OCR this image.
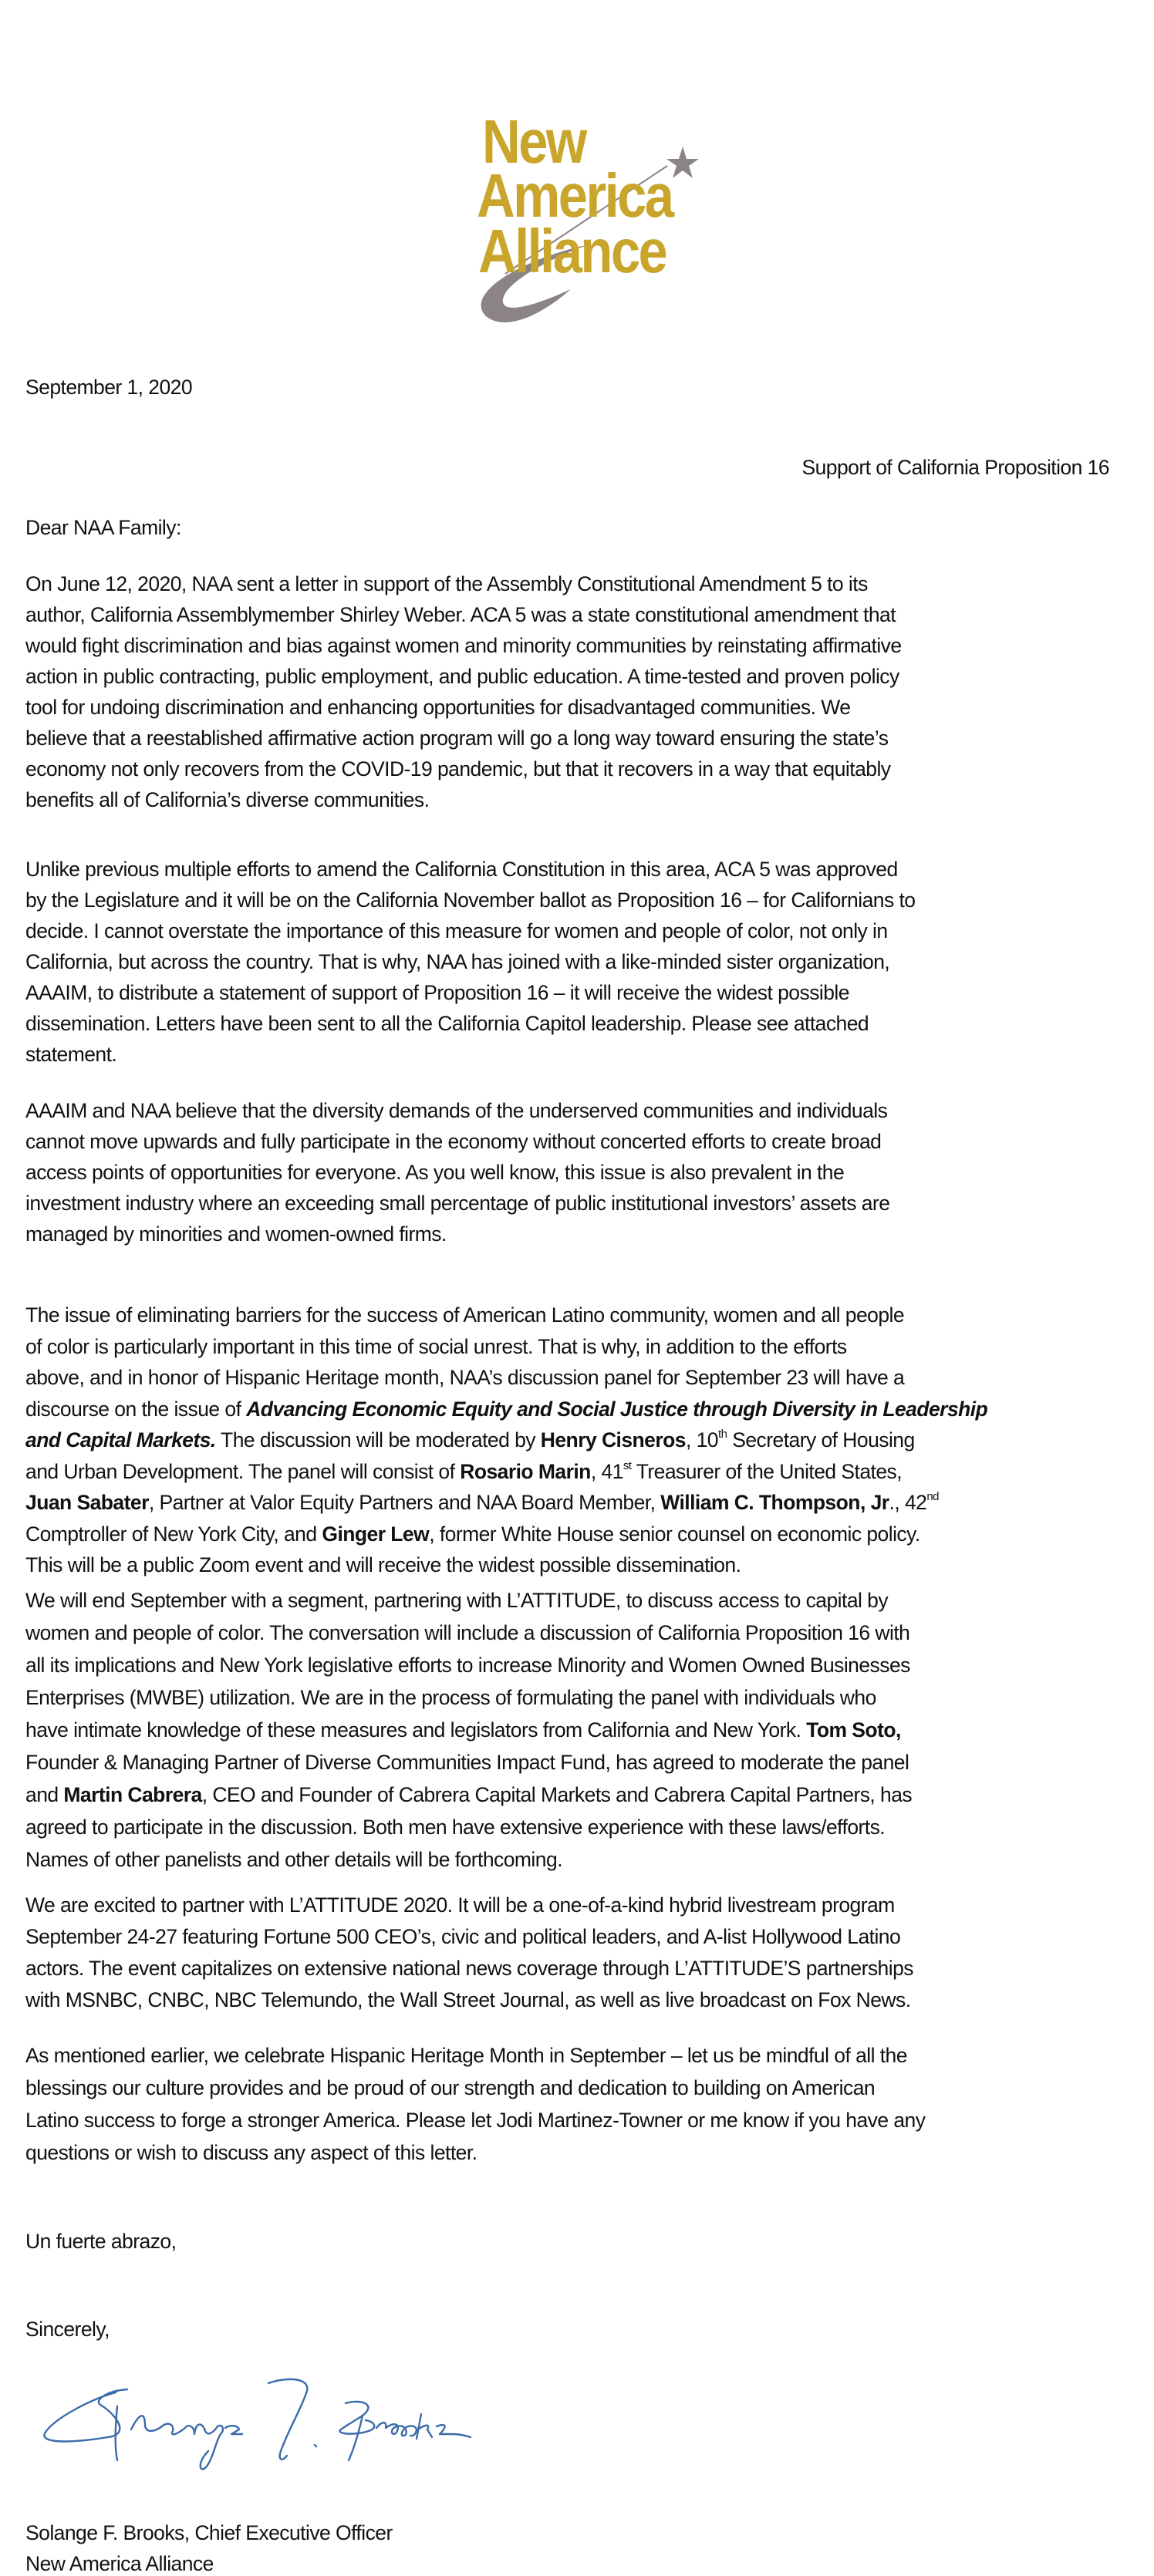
New
America
Alliance
September 1, 2020
Support of California Proposition 16
Dear NAA Family:
On June 12, 2020, NAA sent a letter in support of the Assembly Constitutional Amendment 5 to its
author, California Assemblymember Shirley Weber. ACA 5 was a state constitutional amendment that
would fight discrimination and bias against women and minority communities by reinstating affirmative
action in public contracting, public employment, and public education. A time-tested and proven policy
tool for undoing discrimination and enhancing opportunities for disadvantaged communities. We
believe that a reestablished affirmative action program will go a long way toward ensuring the state’s
economy not only recovers from the COVID-19 pandemic, but that it recovers in a way that equitably
benefits all of California’s diverse communities.
Unlike previous multiple efforts to amend the California Constitution in this area, ACA 5 was approved
by the Legislature and it will be on the California November ballot as Proposition 16 – for Californians to
decide. I cannot overstate the importance of this measure for women and people of color, not only in
California, but across the country. That is why, NAA has joined with a like-minded sister organization,
AAAIM, to distribute a statement of support of Proposition 16 – it will receive the widest possible
dissemination. Letters have been sent to all the California Capitol leadership. Please see attached
statement.
AAAIM and NAA believe that the diversity demands of the underserved communities and individuals
cannot move upwards and fully participate in the economy without concerted efforts to create broad
access points of opportunities for everyone. As you well know, this issue is also prevalent in the
investment industry where an exceeding small percentage of public institutional investors’ assets are
managed by minorities and women-owned firms.
The issue of eliminating barriers for the success of American Latino community, women and all people
of color is particularly important in this time of social unrest. That is why, in addition to the efforts
above, and in honor of Hispanic Heritage month, NAA’s discussion panel for September 23 will have a
discourse on the issue of Advancing Economic Equity and Social Justice through Diversity in Leadership
and Capital Markets. The discussion will be moderated by Henry Cisneros, 10th Secretary of Housing
and Urban Development. The panel will consist of Rosario Marin, 41st Treasurer of the United States,
Juan Sabater, Partner at Valor Equity Partners and NAA Board Member, William C. Thompson, Jr., 42nd
Comptroller of New York City, and Ginger Lew, former White House senior counsel on economic policy.
This will be a public Zoom event and will receive the widest possible dissemination.
We will end September with a segment, partnering with L’ATTITUDE, to discuss access to capital by
women and people of color. The conversation will include a discussion of California Proposition 16 with
all its implications and New York legislative efforts to increase Minority and Women Owned Businesses
Enterprises (MWBE) utilization. We are in the process of formulating the panel with individuals who
have intimate knowledge of these measures and legislators from California and New York. Tom Soto,
Founder & Managing Partner of Diverse Communities Impact Fund, has agreed to moderate the panel
and Martin Cabrera, CEO and Founder of Cabrera Capital Markets and Cabrera Capital Partners, has
agreed to participate in the discussion. Both men have extensive experience with these laws/efforts.
Names of other panelists and other details will be forthcoming.
We are excited to partner with L’ATTITUDE 2020. It will be a one-of-a-kind hybrid livestream program
September 24-27 featuring Fortune 500 CEO’s, civic and political leaders, and A-list Hollywood Latino
actors. The event capitalizes on extensive national news coverage through L’ATTITUDE’S partnerships
with MSNBC, CNBC, NBC Telemundo, the Wall Street Journal, as well as live broadcast on Fox News.
As mentioned earlier, we celebrate Hispanic Heritage Month in September – let us be mindful of all the
blessings our culture provides and be proud of our strength and dedication to building on American
Latino success to forge a stronger America. Please let Jodi Martinez-Towner or me know if you have any
questions or wish to discuss any aspect of this letter.
Un fuerte abrazo,
Sincerely,
Solange F. Brooks, Chief Executive Officer
New America Alliance
